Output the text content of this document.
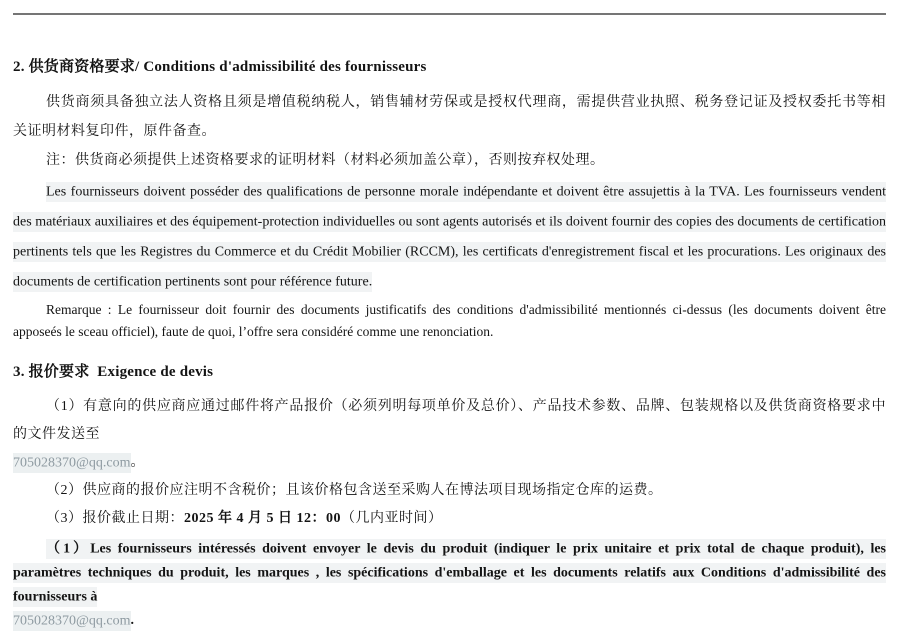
2. 供货商资格要求/ Conditions d'admissibilité des fournisseurs

供货商须具备独立法人资格且须是增值税纳税人，销售辅材劳保或是授权代理商，需提供营业执照、税务登记证及授权委托书等相关证明材料复印件，原件备查。

注：供货商必须提供上述资格要求的证明材料（材料必须加盖公章），否则按弃权处理。

Les fournisseurs doivent posséder des qualifications de personne morale indépendante et doivent être assujettis à la TVA. Les fournisseurs vendent des matériaux auxiliaires et des équipement-protection individuelles ou sont agents autorisés et ils doivent fournir des copies des documents de certification pertinents tels que les Registres du Commerce et du Crédit Mobilier (RCCM), les certificats d'enregistrement fiscal et les procurations. Les originaux des documents de certification pertinents sont pour référence future.

Remarque : Le fournisseur doit fournir des documents justificatifs des conditions d'admissibilité mentionnés ci-dessus (les documents doivent être apposeés le sceau officiel), faute de quoi, l’offre sera considéré comme une renonciation.

3. 报价要求  Exigence de devis

（1）有意向的供应商应通过邮件将产品报价（必须列明每项单价及总价）、产品技术参数、品牌、包装规格以及供货商资格要求中的文件发送至

705028370@qq.com。

（2）供应商的报价应注明不含税价；且该价格包含送至采购人在博法项目现场指定仓库的运费。

（3）报价截止日期：2025 年 4 月 5 日 12：00（几内亚时间）

（1）Les fournisseurs intéressés doivent envoyer le devis du produit (indiquer le prix unitaire et prix total de chaque produit), les paramètres techniques du produit, les marques , les spécifications d'emballage et les documents relatifs aux Conditions d'admissibilité des fournisseurs à

705028370@qq.com.
